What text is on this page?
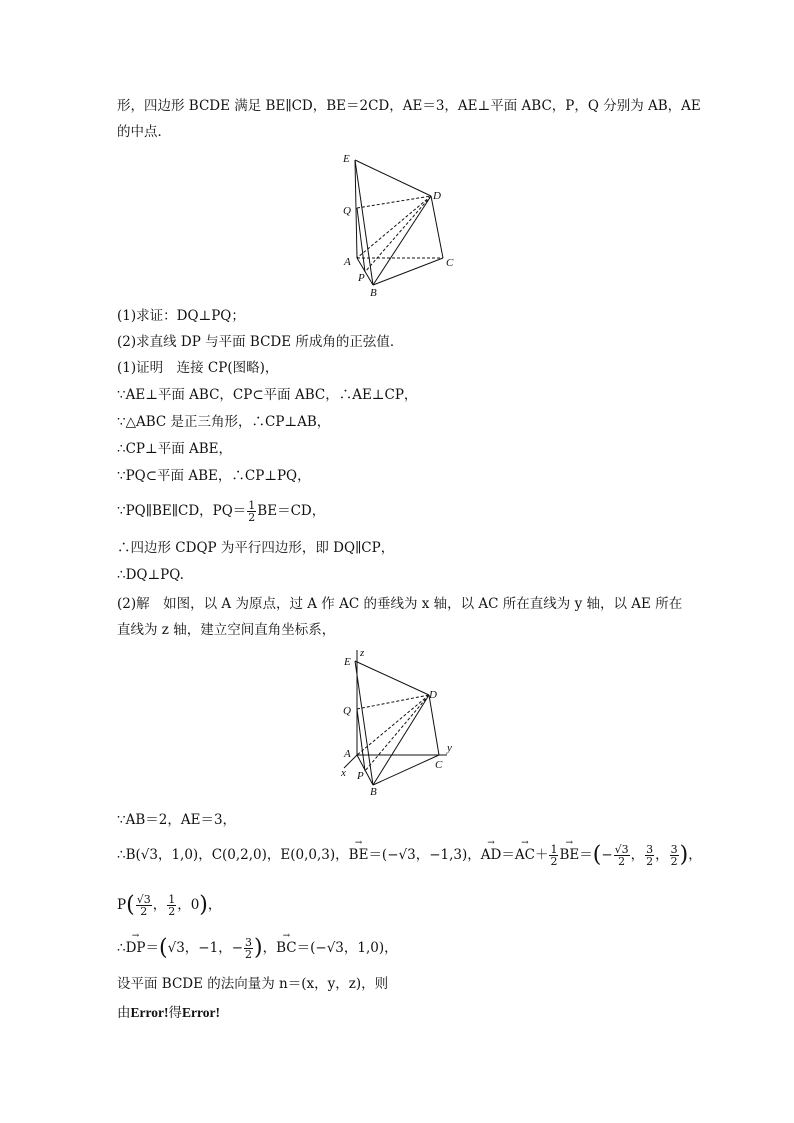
形，四边形 BCDE 满足 BE∥CD，BE＝2CD，AE＝3，AE⊥平面 ABC，P，Q 分别为 AB，AE
的中点．
E
D
Q
A	C
P
B
(1)求证：DQ⊥PQ；
(2)求直线 DP 与平面 BCDE 所成角的正弦值．
(1)证明　连接 CP(图略)，
∵AE⊥平面 ABC，CP⊂平面 ABC，∴AE⊥CP，
∵△ABC 是正三角形，∴CP⊥AB，
∴CP⊥平面 ABE，
∵PQ⊂平面 ABE，∴CP⊥PQ，
∵PQ∥BE∥CD，$PQ= \frac{1}{2} BE=CD$，
∴四边形 CDQP 为平行四边形，即 DQ∥CP，
∴DQ⊥PQ.
(2)解　如图，以 A 为原点，过 A 作 AC 的垂线为 x 轴，以 AC 所在直线为 y 轴，以 AE 所在
直线为 z 轴，建立空间直角坐标系，
E
z
D
Q
A	y
C
x P
B
∵AB＝2，AE＝3，
∴B(√3，1,0)，C(0,2,0)，E(0,0,3)，→ BE＝(−√3，−1,3)，→ $AD=\to AC+ \frac{1}{2}$
→ $BE=(- \frac{√3}{2}$ ， $\frac{3}{2}$ ， $\frac{3}{2}$ )，
$P( \frac{√3}{2}$ ， $\frac{1}{2}$ ，0)，
∴→ DP＝(√3，−1，− $\frac{3}{2}$ )，→ BC＝(−√3，1,0)，
设平面 BCDE 的法向量为 n＝(x，y，z)，则
由Error!得Error!
